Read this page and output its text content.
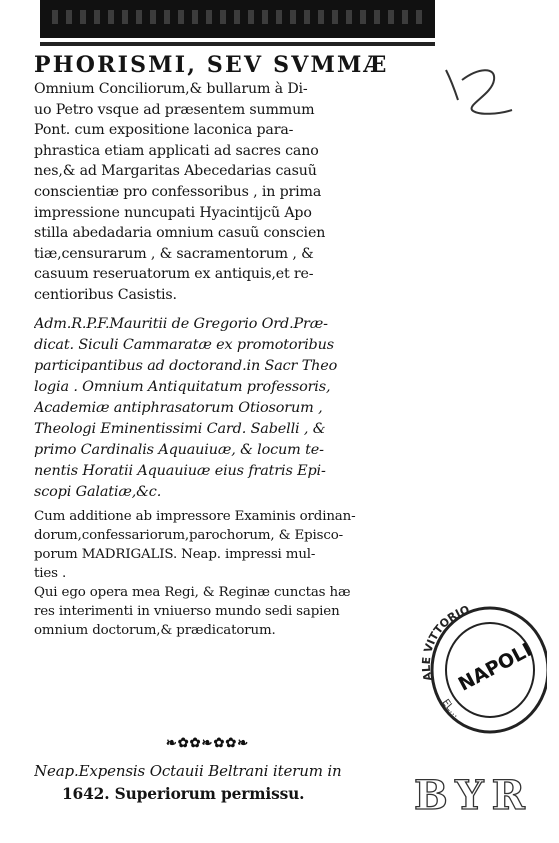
PHORISMI, SEV SVMMÆ
Omnium Conciliorum,& bullarum à Di-
uo Petro vsque ad præsentem summum
Pont. cum expositione laconica para-
phrastica etiam applicati ad sacres cano
nes,& ad Margaritas Abecedarias casuũ
conscientiæ pro confessoribus , in prima
impressione nuncupati Hyacintijcũ Apo
stilla abedadaria omnium casuũ conscien
tiæ,censurarum , & sacramentorum , &
casuum reseruatorum ex antiquis,et re-
centioribus Casistis.
Adm.R.P.F.Mauritii de Gregorio Ord.Præ-
dicat. Siculi Cammaratæ ex promotoribus
participantibus ad doctorand.in Sacr Theo
logia . Omnium Antiquitatum professoris,
Academiæ antiphrasatorum Otiosorum ,
Theologi Eminentissimi Card. Sabelli , &
primo Cardinalis Aquauiuæ, & locum te-
nentis Horatii Aquauiuæ eius fratris Epi-
scopi Galatiæ,&c.
Cum additione ab impressore Examinis ordinan-
dorum,confessariorum,parochorum, & Episco-
porum MADRIGALIS. Neap. impressi mul-
ties .
Qui ego opera mea Regi, & Reginæ cunctas hæ
res interimenti in vniuerso mundo sedi sapien
omnium doctorum,& prædicatorum.
❧✿✿❧✿✿❧
Neap.Expensis Octauii Beltrani iterum in
1642. Superiorum permissu.
ALE VITTORIO
NAPOLI
EL...
BYR
